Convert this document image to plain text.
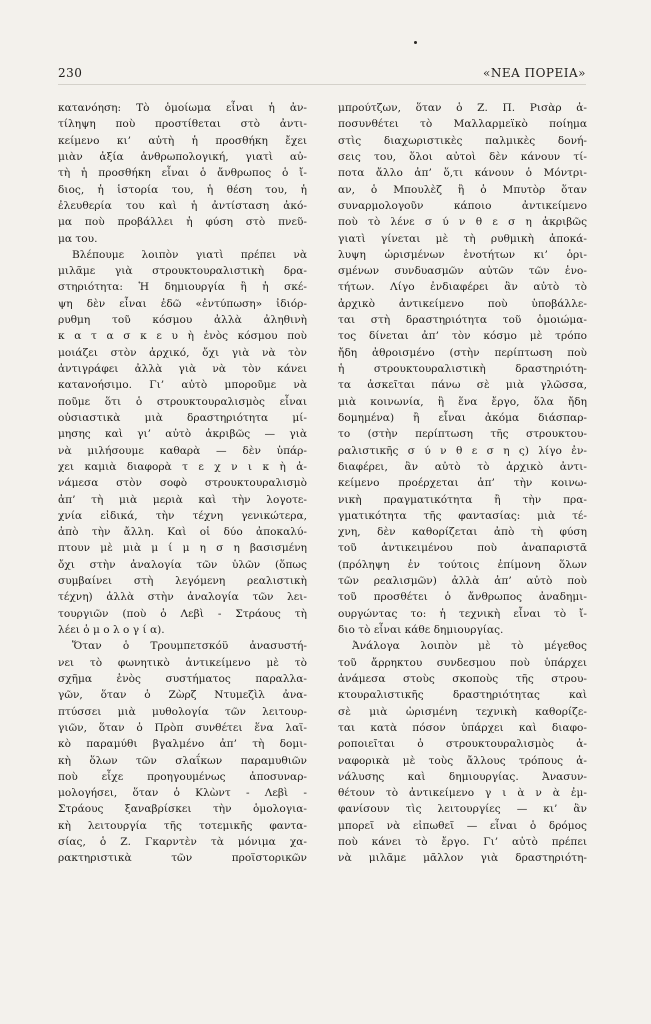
230	«ΝΕΑ ΠΟΡΕΙΑ»
κατανόηση: Τὸ ὁμοίωμα εἶναι ἡ ἀν-
τίληψη ποὺ προστίθεται στὸ ἀντι-
κείμενο κι’ αὐτὴ ἡ προσθήκη ἔχει
μιὰν ἀξία ἀνθρωπολογική, γιατὶ αὐ-
τὴ ἡ προσθήκη εἶναι ὁ ἄνθρωπος ὁ ἴ-
διος, ἡ ἱστορία του, ἡ θέση του, ἡ
ἐλευθερία του καὶ ἡ ἀντίσταση ἀκό-
μα ποὺ προβάλλει ἡ φύση στὸ πνεῦ-
μα του.
Βλέπουμε λοιπὸν γιατὶ πρέπει νὰ
μιλᾶμε γιὰ στρουκτουραλιστικὴ δρα-
στηριότητα: Ἡ δημιουργία ἢ ἡ σκέ-
ψη δὲν εἶναι ἐδῶ «ἐντύπωση» ἰδιόρ-
ρυθμη τοῦ κόσμου ἀλλὰ ἀληθινὴ
κ α τ α σ κ ε υ ὴ ἑνὸς κόσμου ποὺ
μοιάζει στὸν ἀρχικό, ὄχι γιὰ νὰ τὸν
ἀντιγράφει ἀλλὰ γιὰ νὰ τὸν κάνει
κατανοήσιμο. Γι’ αὐτὸ μποροῦμε νὰ
ποῦμε ὅτι ὁ στρουκτουραλισμὸς εἶναι
οὐσιαστικὰ μιὰ δραστηριότητα μί-
μησης καὶ γι’ αὐτὸ ἀκριβῶς — γιὰ
νὰ μιλήσουμε καθαρὰ — δὲν ὑπάρ-
χει καμιὰ διαφορὰ τ ε χ ν ι κ ὴ ἀ-
νάμεσα στὸν σοφὸ στρουκτουραλισμὸ
ἀπ’ τὴ μιὰ μεριὰ καὶ τὴν λογοτε-
χνία εἰδικά, τὴν τέχνη γενικώτερα,
ἀπὸ τὴν ἄλλη. Καὶ οἱ δύο ἀποκαλύ-
πτουν μὲ μιὰ μ ί μ η σ η βασισμένη
ὄχι στὴν ἀναλογία τῶν ὑλῶν (ὅπως
συμβαίνει στὴ λεγόμενη ρεαλιστικὴ
τέχνη) ἀλλὰ στὴν ἀναλογία τῶν λει-
τουργιῶν (ποὺ ὁ Λεβὶ - Στράους τὴ
λέει ὁ μ ο λ ο γ ί α).
Ὅταν ὁ Τρουμπετσκόϋ ἀνασυστή-
νει τὸ φωνητικὸ ἀντικείμενο μὲ τὸ
σχῆμα ἑνὸς συστήματος παραλλα-
γῶν, ὅταν ὁ Ζὼρζ Ντυμεζὶλ ἀνα-
πτύσσει μιὰ μυθολογία τῶν λειτουρ-
γιῶν, ὅταν ὁ Πρὸπ συνθέτει ἕνα λαϊ-
κὸ παραμύθι βγαλμένο ἀπ’ τὴ δομι-
κὴ ὅλων τῶν σλαΐκων παραμυθιῶν
ποὺ εἶχε προηγουμένως ἀποσυναρ-
μολογήσει, ὅταν ὁ Κλὼντ - Λεβὶ -
Στράους ξαναβρίσκει τὴν ὁμολογια-
κὴ λειτουργία τῆς τοτεμικῆς φαντα-
σίας, ὁ Ζ. Γκαρντὲν τὰ μόνιμα χα-
ρακτηριστικὰ τῶν προϊστορικῶν
μπρούτζων, ὅταν ὁ Ζ. Π. Ρισὰρ ἀ-
ποσυνθέτει τὸ Μαλλαρμεϊκὸ ποίημα
στὶς διαχωριστικὲς παλμικὲς δονή-
σεις του, ὅλοι αὐτοὶ δὲν κάνουν τί-
ποτα ἄλλο ἀπ’ ὅ,τι κάνουν ὁ Μόντρι-
αν, ὁ Μπουλὲζ ἢ ὁ Μπυτὸρ ὅταν
συναρμολογοῦν κάποιο ἀντικείμενο
ποὺ τὸ λένε σ ύ ν θ ε σ η ἀκριβῶς
γιατὶ γίνεται μὲ τὴ ρυθμικὴ ἀποκά-
λυψη ὡρισμένων ἑνοτήτων κι’ ὁρι-
σμένων συνδυασμῶν αὐτῶν τῶν ἑνο-
τήτων. Λίγο ἐνδιαφέρει ἂν αὐτὸ τὸ
ἀρχικὸ ἀντικείμενο ποὺ ὑποβάλλε-
ται στὴ δραστηριότητα τοῦ ὁμοιώμα-
τος δίνεται ἀπ’ τὸν κόσμο μὲ τρόπο
ἤδη ἀθροισμένο (στὴν περίπτωση ποὺ
ἡ στρουκτουραλιστικὴ δραστηριότη-
τα ἀσκεῖται πάνω σὲ μιὰ γλῶσσα,
μιὰ κοινωνία, ἢ ἕνα ἔργο, ὅλα ἤδη
δομημένα) ἢ εἶναι ἀκόμα διάσπαρ-
το (στὴν περίπτωση τῆς στρουκτου-
ραλιστικῆς σ ύ ν θ ε σ η ς) λίγο ἐν-
διαφέρει, ἂν αὐτὸ τὸ ἀρχικὸ ἀντι-
κείμενο προέρχεται ἀπ’ τὴν κοινω-
νικὴ πραγματικότητα ἢ τὴν πρα-
γματικότητα τῆς φαντασίας: μιὰ τέ-
χνη, δὲν καθορίζεται ἀπὸ τὴ φύση
τοῦ ἀντικειμένου ποὺ ἀναπαριστᾶ
(πρόληψη ἐν τούτοις ἐπίμονη ὅλων
τῶν ρεαλισμῶν) ἀλλὰ ἀπ’ αὐτὸ ποὺ
τοῦ προσθέτει ὁ ἄνθρωπος ἀναδημι-
ουργώντας το: ἡ τεχνικὴ εἶναι τὸ ἴ-
διο τὸ εἶναι κάθε δημιουργίας.
Ἀνάλογα λοιπὸν μὲ τὸ μέγεθος
τοῦ ἄρρηκτου συνδεσμου ποὺ ὑπάρχει
ἀνάμεσα στοὺς σκοποὺς τῆς στρου-
κτουραλιστικῆς δραστηριότητας καὶ
σὲ μιὰ ὡρισμένη τεχνικὴ καθορίζε-
ται κατὰ πόσον ὑπάρχει καὶ διαφο-
ροποιεῖται ὁ στρουκτουραλισμὸς ἀ-
ναφορικὰ μὲ τοὺς ἄλλους τρόπους ἀ-
νάλυσης καὶ δημιουργίας. Ἀνασυν-
θέτουν τὸ ἀντικείμενο γ ι ὰ ν ὰ ἐμ-
φανίσουν τὶς λειτουργίες — κι’ ἂν
μπορεῖ νὰ εἰπωθεῖ — εἶναι ὁ δρόμος
ποὺ κάνει τὸ ἔργο. Γι’ αὐτὸ πρέπει
νὰ μιλᾶμε μᾶλλον γιὰ δραστηριότη-
